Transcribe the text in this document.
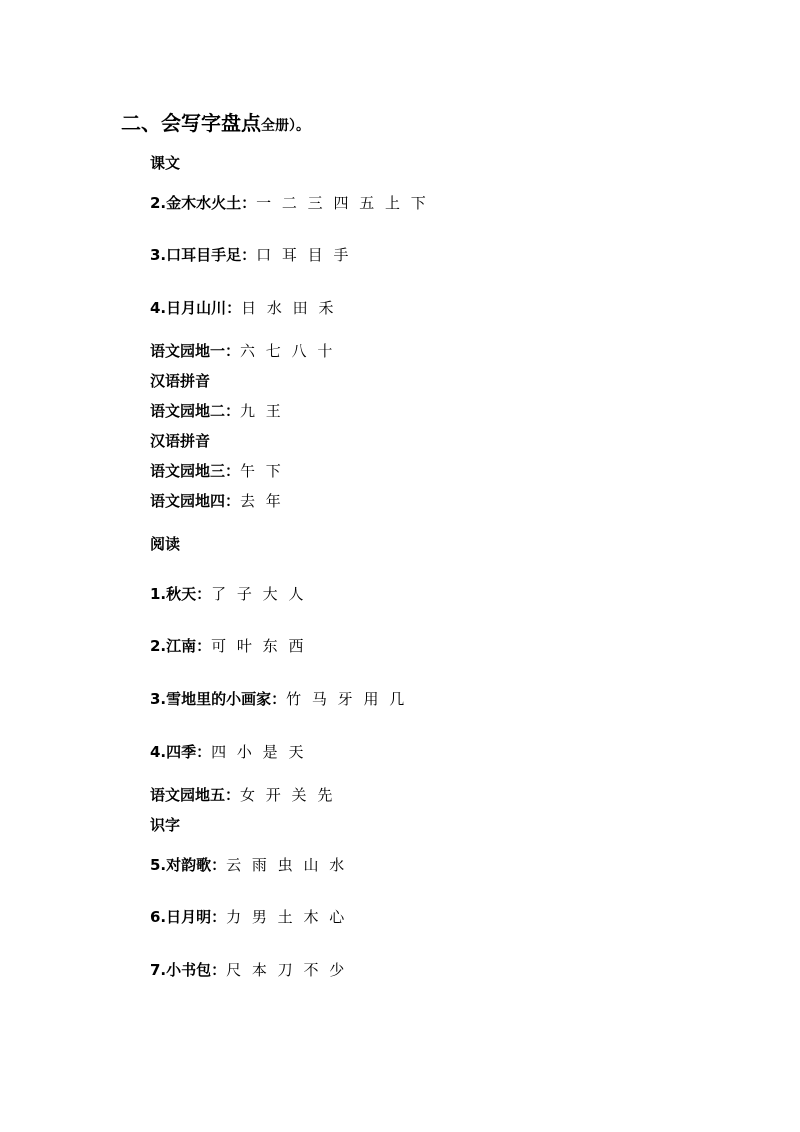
二、会写字盘点全册）。
课文
2.金木水火土：一 二 三 四 五 上 下
3.口耳目手足：口 耳 目 手
4.日月山川：日 水 田 禾
语文园地一：六 七 八 十
汉语拼音
语文园地二：九 王
汉语拼音
语文园地三：午 下
语文园地四：去 年
阅读
1.秋天：了 子 大 人
2.江南：可 叶 东 西
3.雪地里的小画家：竹 马 牙 用 几
4.四季：四 小 是 天
语文园地五：女 开 关 先
识字
5.对韵歌：云 雨 虫 山 水
6.日月明：力 男 土 木 心
7.小书包：尺 本 刀 不 少
